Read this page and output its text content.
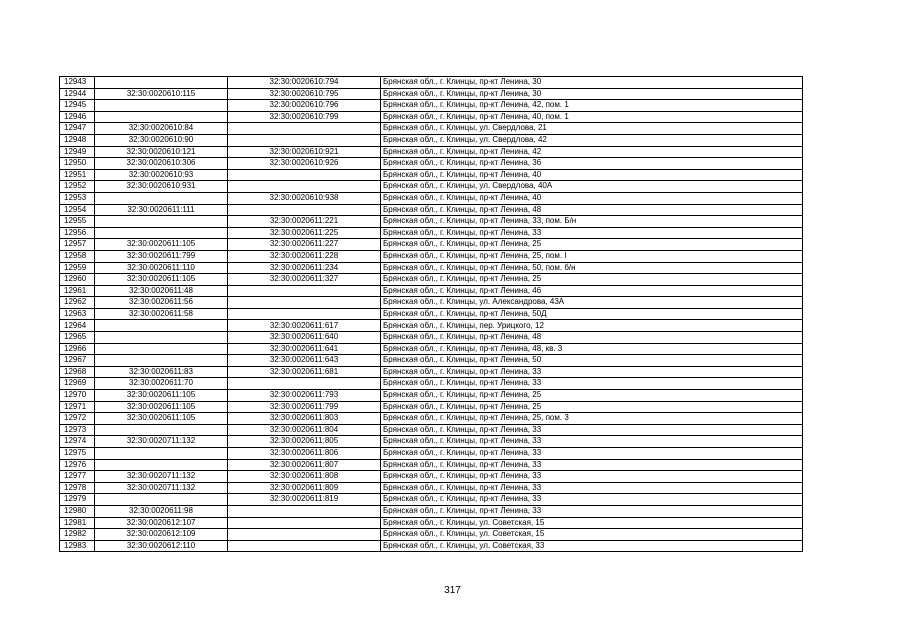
12943		32:30:0020610:794	Брянская обл., г. Клинцы, пр-кт Ленина, 30
12944	32:30:0020610:115	32:30:0020610:795	Брянская обл., г. Клинцы, пр-кт Ленина, 30
12945		32:30:0020610:796	Брянская обл., г. Клинцы, пр-кт Ленина, 42, пом. 1
12946		32:30:0020610:799	Брянская обл., г. Клинцы, пр-кт Ленина, 40, пом. 1
12947	32:30:0020610:84		Брянская обл., г. Клинцы, ул. Свердлова, 21
12948	32:30:0020610:90		Брянская обл., г. Клинцы, ул. Свердлова, 42
12949	32:30:0020610:121	32:30:0020610:921	Брянская обл., г. Клинцы, пр-кт Ленина, 42
12950	32:30:0020610:306	32:30:0020610:926	Брянская обл., г. Клинцы, пр-кт Ленина, 36
12951	32:30:0020610:93		Брянская обл., г. Клинцы, пр-кт Ленина, 40
12952	32:30:0020610:931		Брянская обл., г. Клинцы, ул. Свердлова, 40А
12953		32:30:0020610:938	Брянская обл., г. Клинцы, пр-кт Ленина, 40
12954	32:30:0020611:111		Брянская обл., г. Клинцы, пр-кт Ленина, 48
12955		32:30:0020611:221	Брянская обл., г. Клинцы, пр-кт Ленина, 33, пом. Б/н
12956		32:30:0020611:225	Брянская обл., г. Клинцы, пр-кт Ленина, 33
12957	32:30:0020611:105	32:30:0020611:227	Брянская обл., г. Клинцы, пр-кт Ленина, 25
12958	32:30:0020611:799	32:30:0020611:228	Брянская обл., г. Клинцы, пр-кт Ленина, 25, пом. I
12959	32:30:0020611:110	32:30:0020611:234	Брянская обл., г. Клинцы, пр-кт Ленина, 50, пом. б/н
12960	32:30:0020611:105	32:30:0020611:327	Брянская обл., г. Клинцы, пр-кт Ленина, 25
12961	32:30:0020611:48		Брянская обл., г. Клинцы, пр-кт Ленина, 46
12962	32:30:0020611:56		Брянская обл., г. Клинцы, ул. Александрова, 43А
12963	32:30:0020611:58		Брянская обл., г. Клинцы, пр-кт Ленина, 50Д
12964		32:30:0020611:617	Брянская обл., г. Клинцы, пер. Урицкого, 12
12965		32:30:0020611:640	Брянская обл., г. Клинцы, пр-кт Ленина, 48
12966		32:30:0020611:641	Брянская обл., г. Клинцы, пр-кт Ленина, 48, кв. 3
12967		32:30:0020611:643	Брянская обл., г. Клинцы, пр-кт Ленина, 50
12968	32:30:0020611:83	32:30:0020611:681	Брянская обл., г. Клинцы, пр-кт Ленина, 33
12969	32:30:0020611:70		Брянская обл., г. Клинцы, пр-кт Ленина, 33
12970	32:30:0020611:105	32:30:0020611:793	Брянская обл., г. Клинцы, пр-кт Ленина, 25
12971	32:30:0020611:105	32:30:0020611:799	Брянская обл., г. Клинцы, пр-кт Ленина, 25
12972	32:30:0020611:105	32:30:0020611:803	Брянская обл., г. Клинцы, пр-кт Ленина, 25, пом. 3
12973		32:30:0020611:804	Брянская обл., г. Клинцы, пр-кт Ленина, 33
12974	32:30:0020711:132	32:30:0020611:805	Брянская обл., г. Клинцы, пр-кт Ленина, 33
12975		32:30:0020611:806	Брянская обл., г. Клинцы, пр-кт Ленина, 33
12976		32:30:0020611:807	Брянская обл., г. Клинцы, пр-кт Ленина, 33
12977	32:30:0020711:132	32:30:0020611:808	Брянская обл., г. Клинцы, пр-кт Ленина, 33
12978	32:30:0020711:132	32:30:0020611:809	Брянская обл., г. Клинцы, пр-кт Ленина, 33
12979		32:30:0020611:819	Брянская обл., г. Клинцы, пр-кт Ленина, 33
12980	32:30:0020611:98		Брянская обл., г. Клинцы, пр-кт Ленина, 33
12981	32:30:0020612:107		Брянская обл., г. Клинцы, ул. Советская, 15
12982	32:30:0020612:109		Брянская обл., г. Клинцы, ул. Советская, 15
12983	32:30:0020612:110		Брянская обл., г. Клинцы, ул. Советская, 33
317
